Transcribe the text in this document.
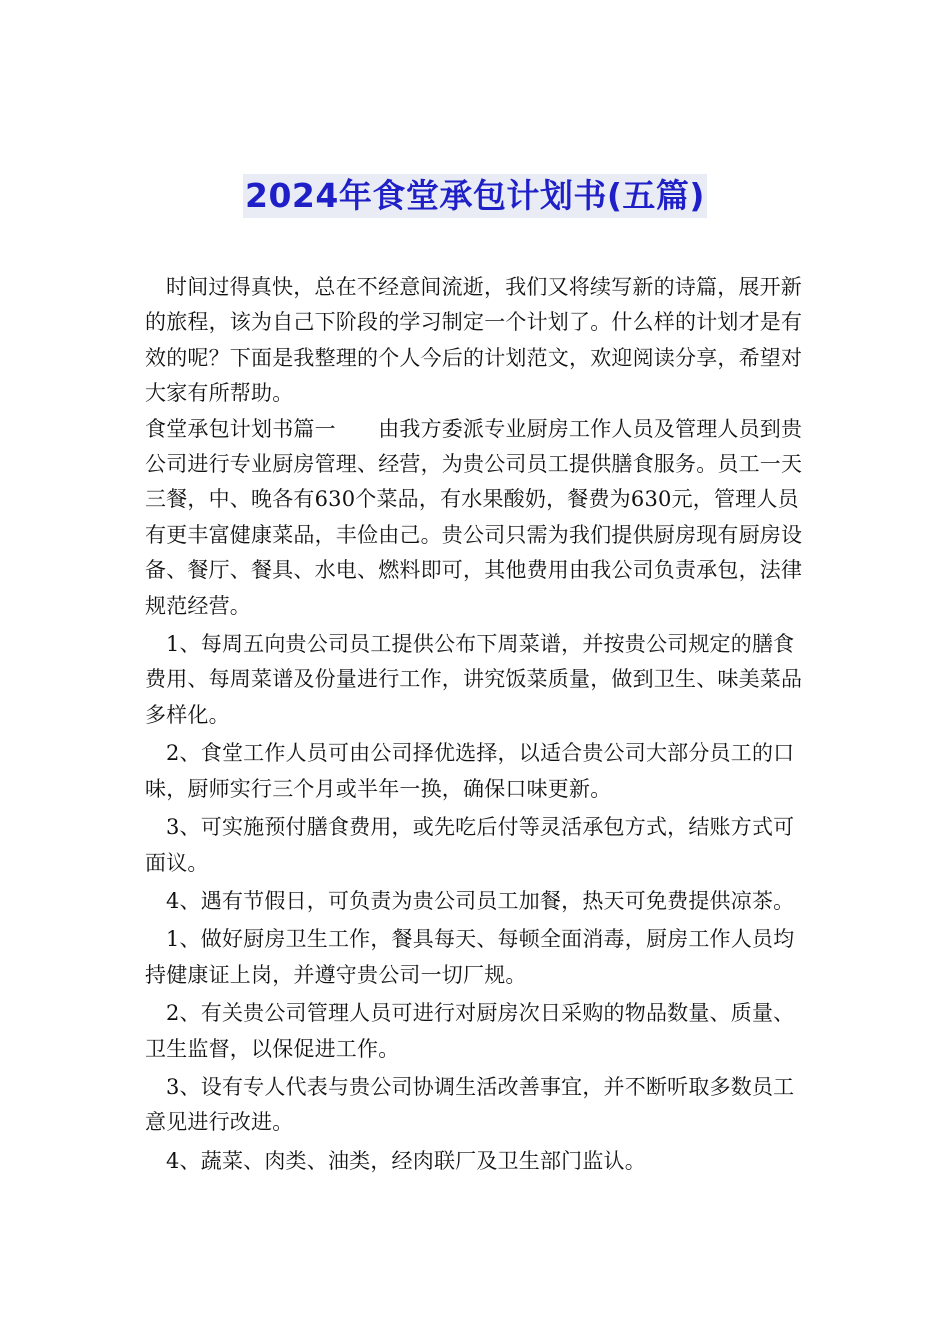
2024年食堂承包计划书(五篇)

时间过得真快，总在不经意间流逝，我们又将续写新的诗篇，展开新的旅程，该为自己下阶段的学习制定一个计划了。什么样的计划才是有效的呢？下面是我整理的个人今后的计划范文，欢迎阅读分享，希望对大家有所帮助。

食堂承包计划书篇一　　由我方委派专业厨房工作人员及管理人员到贵公司进行专业厨房管理、经营，为贵公司员工提供膳食服务。员工一天三餐，中、晚各有630个菜品，有水果酸奶，餐费为630元，管理人员有更丰富健康菜品，丰俭由己。贵公司只需为我们提供厨房现有厨房设备、餐厅、餐具、水电、燃料即可，其他费用由我公司负责承包，法律规范经营。

1、每周五向贵公司员工提供公布下周菜谱，并按贵公司规定的膳食费用、每周菜谱及份量进行工作，讲究饭菜质量，做到卫生、味美菜品多样化。

2、食堂工作人员可由公司择优选择，以适合贵公司大部分员工的口味，厨师实行三个月或半年一换，确保口味更新。

3、可实施预付膳食费用，或先吃后付等灵活承包方式，结账方式可面议。

4、遇有节假日，可负责为贵公司员工加餐，热天可免费提供凉茶。

1、做好厨房卫生工作，餐具每天、每顿全面消毒，厨房工作人员均持健康证上岗，并遵守贵公司一切厂规。

2、有关贵公司管理人员可进行对厨房次日采购的物品数量、质量、卫生监督，以保促进工作。

3、设有专人代表与贵公司协调生活改善事宜，并不断听取多数员工意见进行改进。

4、蔬菜、肉类、油类，经肉联厂及卫生部门监认。
